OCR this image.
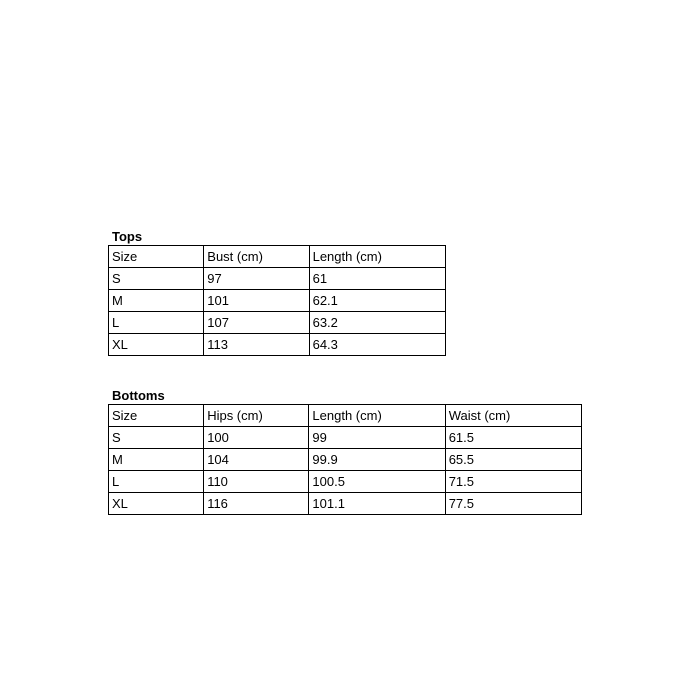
Tops
Size	Bust (cm)	Length (cm)
S	97	61
M	101	62.1
L	107	63.2
XL	113	64.3
Bottoms
Size	Hips (cm)	Length (cm)	Waist (cm)
S	100	99	61.5
M	104	99.9	65.5
L	110	100.5	71.5
XL	116	101.1	77.5
